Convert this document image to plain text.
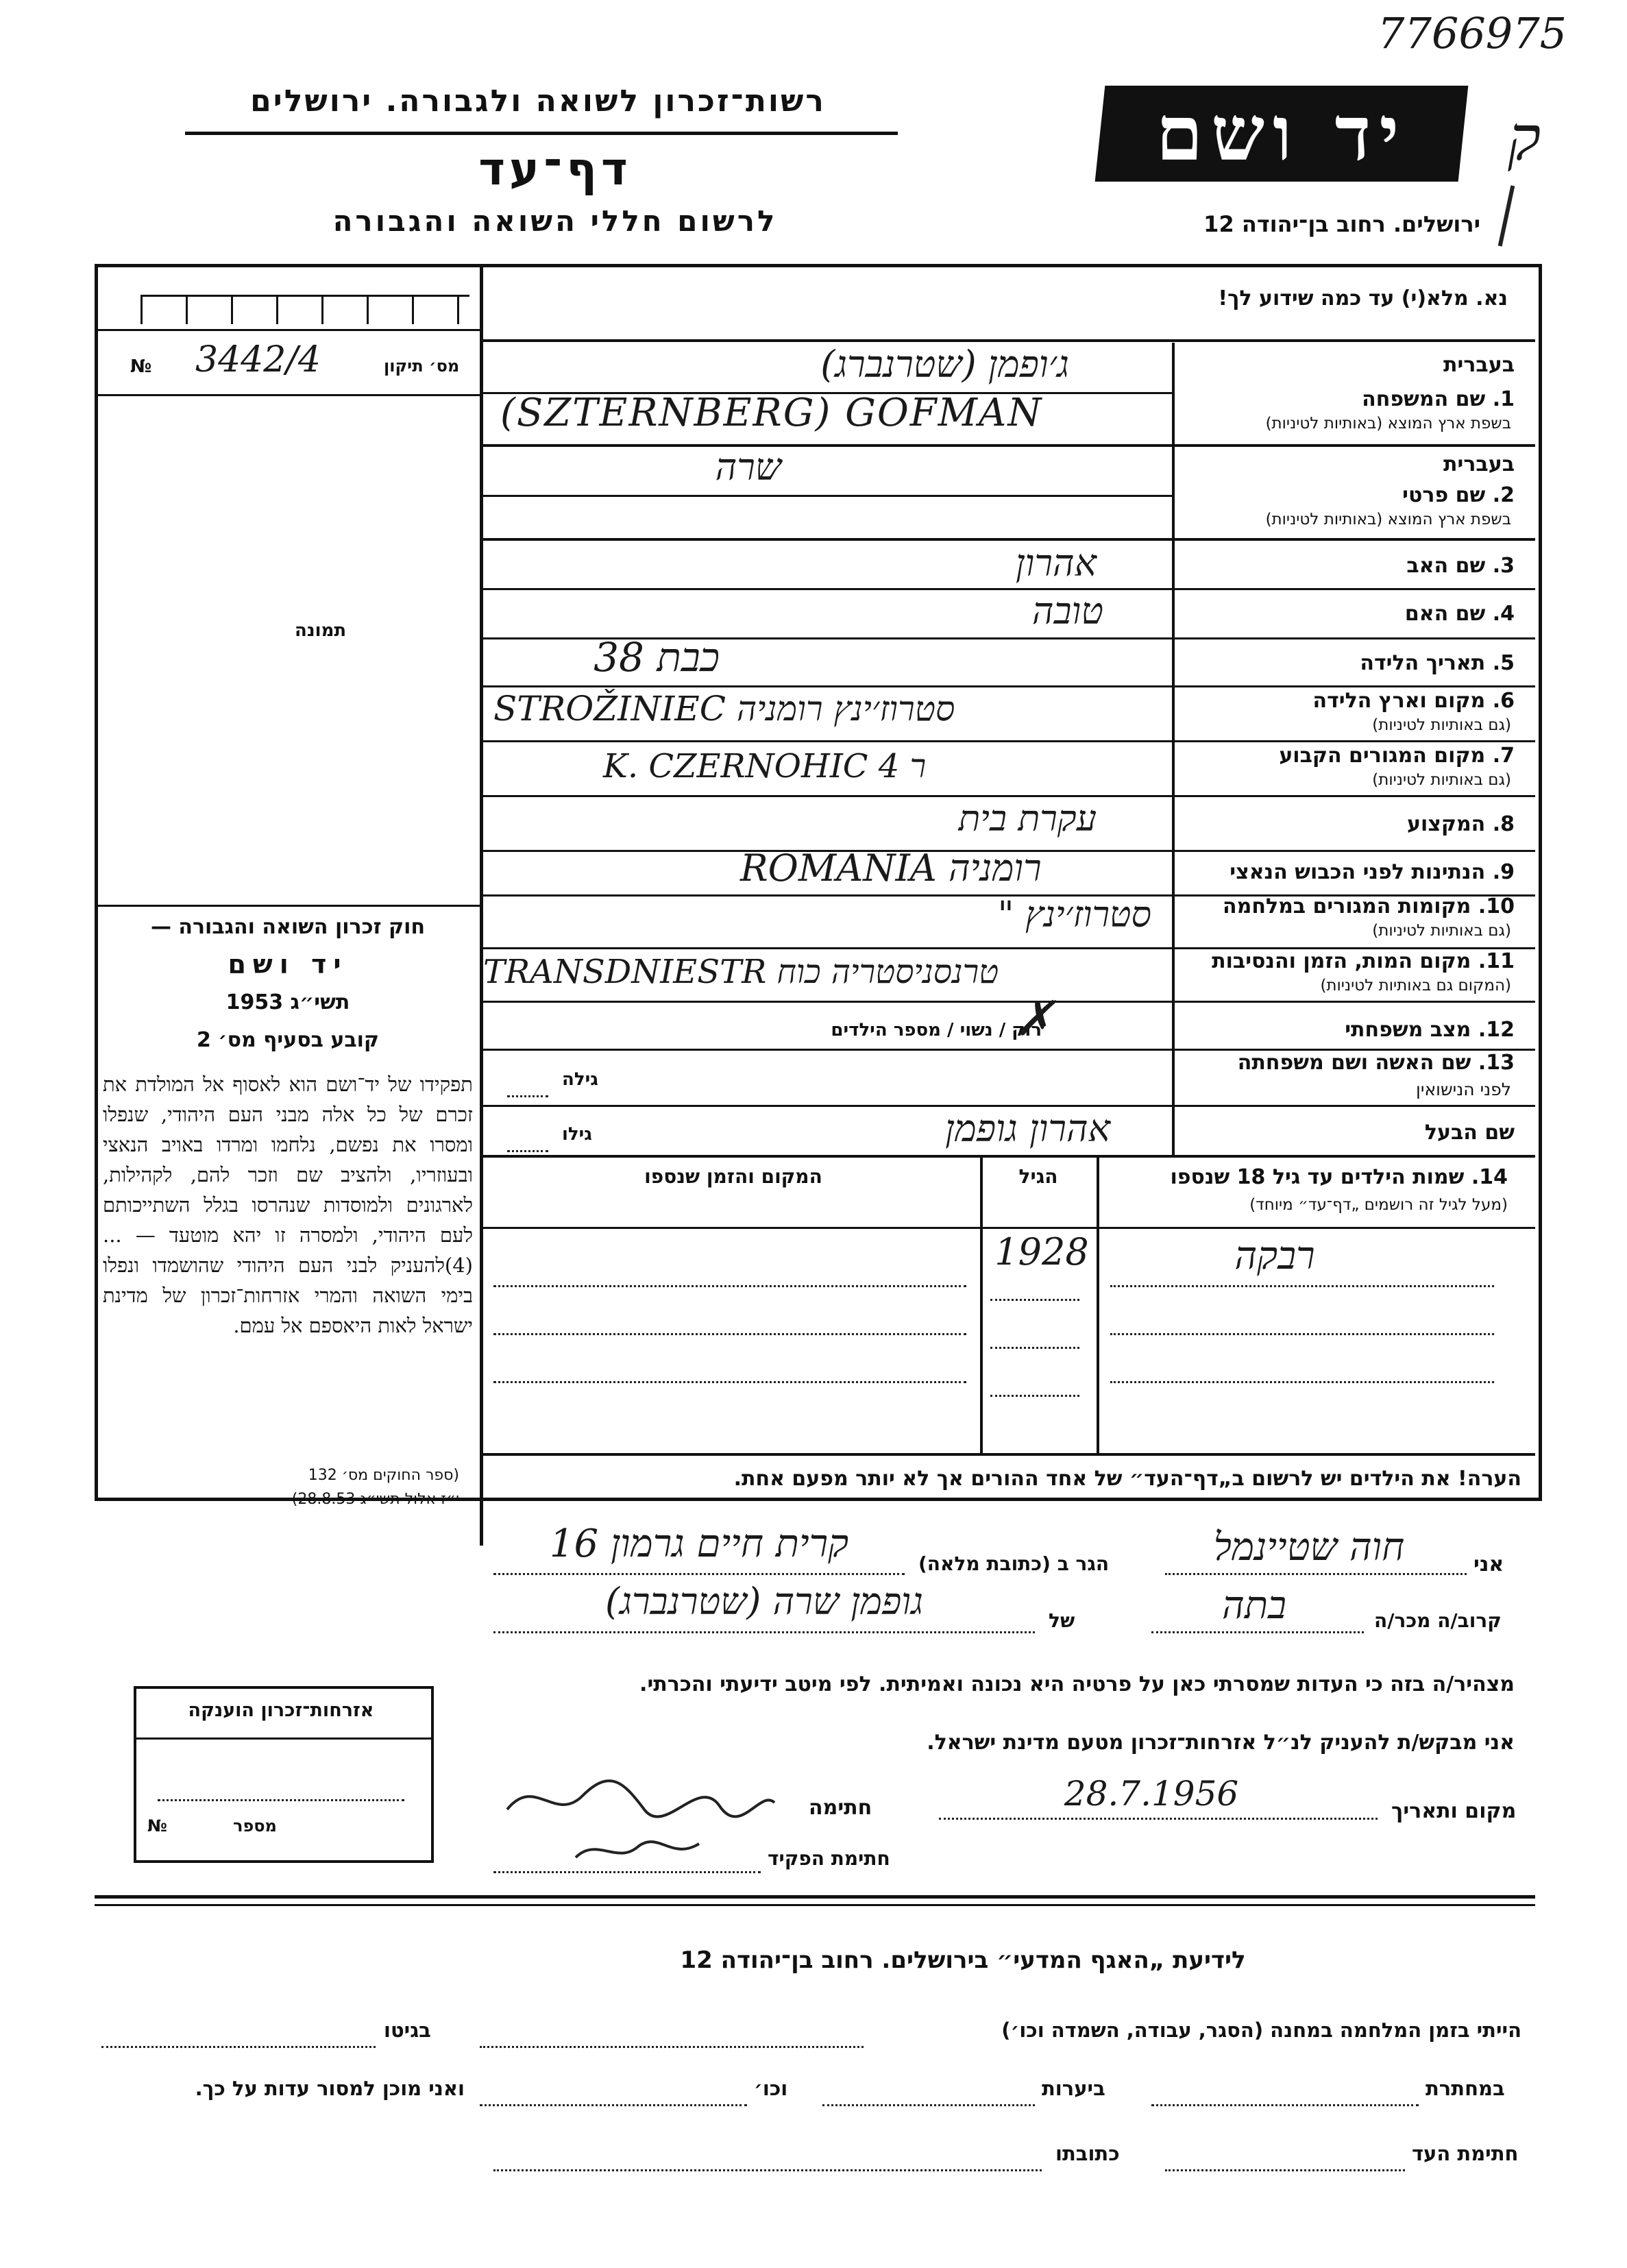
7766975
ק
רשות־זכרון לשואה ולגבורה. ירושלים
דף־עד
לרשום חללי השואה והגבורה
יד ושם
ירושלים. רחוב בן־יהודה 12
מס׳ תיקון
3442/4
№
תמונה
חוק זכרון השואה והגבורה —
יד ושם
תשי״ג 1953
קובע בסעיף מס׳ 2
תפקידו של יד־ושם הוא לאסוף אל המולדת את זכרם של כל אלה מבני העם היהודי, שנפלו ומסרו את נפשם, נלחמו ומרדו באויב הנאצי ובעוזריו, ולהציב שם וזכר להם, לקהילות, לארגונים ולמוסדות שנהרסו בגלל השתייכותם לעם היהודי, ולמסרה זו יהא מוטעד — ...(4)להעניק לבני העם היהודי שהושמדו ונפלו בימי השואה והמרי אזרחות־זכרון של מדינת ישראל לאות היאספם אל עמם.
(ספר החוקים מס׳ 132
י״ז אלול תשי״ג 28.8.53)
אזרחות־זכרון הוענקה
מספר
№
נא. מלא(י) עד כמה שידוע לך!
בעברית
1. שם המשפחה
בשפת ארץ המוצא (באותיות לטיניות)
ג׳ופמן (שטרנברג)
(SZTERNBERG) GOFMAN
בעברית
2. שם פרטי
בשפת ארץ המוצא (באותיות לטיניות)
שרה
3. שם האב
אהרון
4. שם האם
טובה
5. תאריך הלידה
כבת 38
6. מקום וארץ הלידה
(גם באותיות לטיניות)
STROŽINIEC סטרוז׳ינץ רומניה
7. מקום המגורים הקבוע
(גם באותיות לטיניות)
K. CZERNOHIC 4 ר
8. המקצוע
עקרת בית
9. הנתינות לפני הכבוש הנאצי
ROMANIA רומניה
10. מקומות המגורים במלחמה
(גם באותיות לטיניות)
סטרוז׳ינץ "
11. מקום המות, הזמן והנסיבות
(המקום גם באותיות לטיניות)
TRANSDNIESTR טרנסניסטריה כוח
12. מצב משפחתי
רוק / נשוי / מספר הילדים
✗
13. שם האשה ושם משפחתה
לפני הנישואין
גילה
שם הבעל
אהרון גופמן
גילו
14. שמות הילדים עד גיל 18 שנספו
(מעל לגיל זה רושמים „דף־עד״ מיוחד)
הגיל
המקום והזמן שנספו
רבקה
1928
הערה! את הילדים יש לרשום ב„דף־העד״ של אחד ההורים אך לא יותר מפעם אחת.
אני
חוה שטיינמל
הגר ב (כתובת מלאה)
קרית חיים גרמון 16
קרוב/ה מכר/ה
בתה
של
גופמן שרה (שטרנברג)
מצהיר/ה בזה כי העדות שמסרתי כאן על פרטיה היא נכונה ואמיתית. לפי מיטב ידיעתי והכרתי.
אני מבקש/ת להעניק לנ״ל אזרחות־זכרון מטעם מדינת ישראל.
מקום ותאריך
28.7.1956
חתימה
חתימת הפקיד
לידיעת „האגף המדעי״ בירושלים. רחוב בן־יהודה 12
הייתי בזמן המלחמה במחנה (הסגר, עבודה, השמדה וכו׳)
בגיטו
במחתרת
ביערות
וכו׳
ואני מוכן למסור עדות על כך.
חתימת העד
כתובתו
